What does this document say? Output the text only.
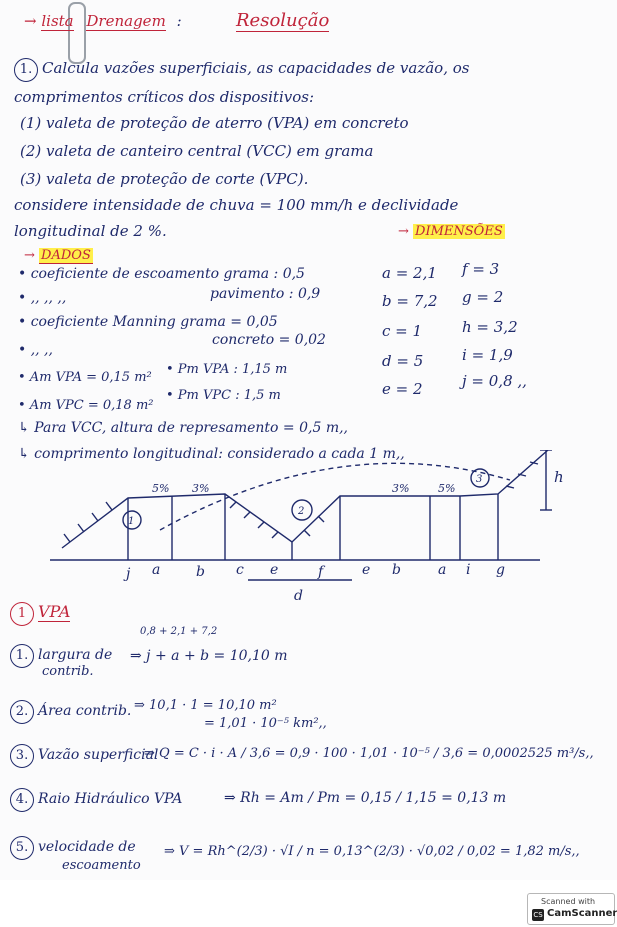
→ lista Drenagem :	Resolução
1. Calcula vazões superficiais, as capacidades de vazão, os
comprimentos críticos dos dispositivos:
(1) valeta de proteção de aterro (VPA) em concreto
(2) valeta de canteiro central (VCC) em grama
(3) valeta de proteção de corte (VPC).
considere intensidade de chuva = 100 mm/h e declividade
longitudinal de 2 %.	→ DIMENSÕES
→ DADOS
• coeficiente de escoamento grama : 0,5
• ,, ,, ,,	pavimento : 0,9
• coeficiente Manning grama = 0,05
• ,, ,,
concreto = 0,02
• Am VPA = 0,15 m²
• Pm VPA : 1,15 m
• Am VPC = 0,18 m²
• Pm VPC : 1,5 m
a = 2,1 f = 3
b = 7,2 g = 2
c = 1	h = 3,2
d = 5	i = 1,9
e = 2	j = 0,8 ,,
↳ Para VCC, altura de represamento = 0,5 m,,
↳ comprimento longitudinal: considerado a cada 1 m,,
5% 3%	3%	5%
1
2
3	h
j a	b c e	f	e b	a i g
d
1 VPA
0,8 + 2,1 + 7,2
1. largura de
contrib.
⇒ j + a + b = 10,10 m
2. Área contrib. ⇒ 10,1 · 1 = 10,10 m²
= 1,01 · 10⁻⁵ km²,,
3. Vazão superficial
⇒ Q = C · i · A / 3,6 = 0,9 · 100 · 1,01 · 10⁻⁵ / 3,6 = 0,0002525 m³/s,,
4. Raio Hidráulico VPA	⇒ Rh = Am / Pm = 0,15 / 1,15 = 0,13 m
5. velocidade de
escoamento
⇒ V = Rh^(2/3) · √I / n = 0,13^(2/3) · √0,02 / 0,02 = 1,82 m/s,,
Scanned with
CS CamScanner
